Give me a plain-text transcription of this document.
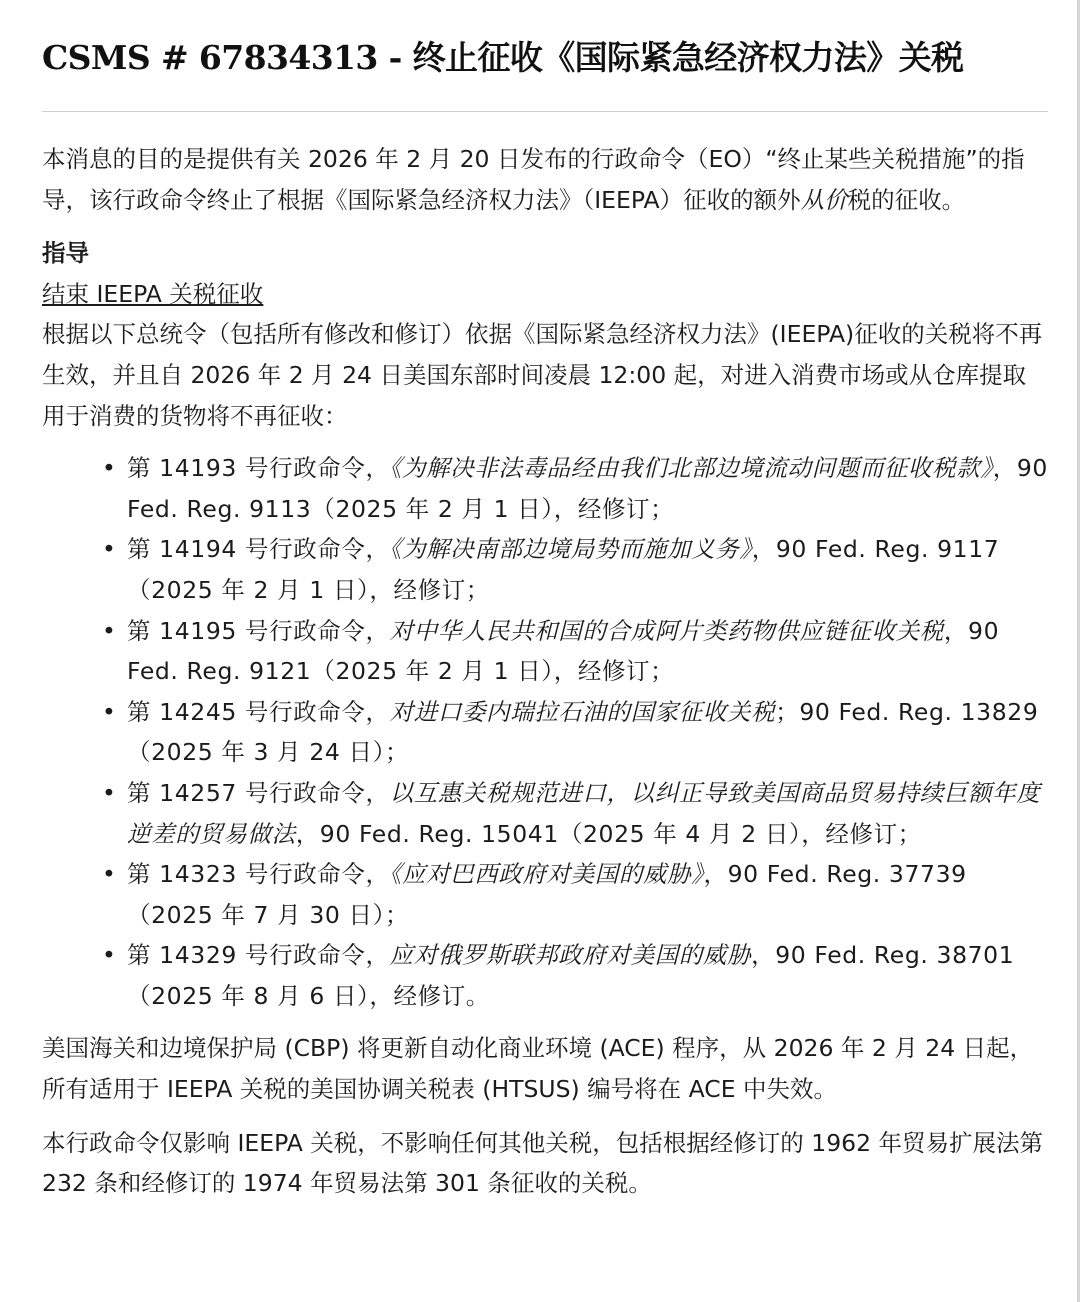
CSMS # 67834313 - 终止征收《国际紧急经济权力法》关税

本消息的目的是提供有关 2026 年 2 月 20 日发布的行政命令（EO）“终止某些关税措施”的指导，该行政命令终止了根据《国际紧急经济权力法》（IEEPA）征收的额外从价税的征收。

指导
结束 IEEPA 关税征收

根据以下总统令（包括所有修改和修订）依据《国际紧急经济权力法》(IEEPA)征收的关税将不再生效，并且自 2026 年 2 月 24 日美国东部时间凌晨 12:00 起，对进入消费市场或从仓库提取用于消费的货物将不再征收：

• 第 14193 号行政命令，《为解决非法毒品经由我们北部边境流动问题而征收税款》，90 Fed. Reg. 9113（2025 年 2 月 1 日），经修订；
• 第 14194 号行政命令，《为解决南部边境局势而施加义务》，90 Fed. Reg. 9117（2025 年 2 月 1 日），经修订；
• 第 14195 号行政命令，对中华人民共和国的合成阿片类药物供应链征收关税，90 Fed. Reg. 9121（2025 年 2 月 1 日），经修订；
• 第 14245 号行政命令，对进口委内瑞拉石油的国家征收关税；90 Fed. Reg. 13829（2025 年 3 月 24 日）；
• 第 14257 号行政命令，以互惠关税规范进口，以纠正导致美国商品贸易持续巨额年度逆差的贸易做法，90 Fed. Reg. 15041（2025 年 4 月 2 日），经修订；
• 第 14323 号行政命令，《应对巴西政府对美国的威胁》，90 Fed. Reg. 37739（2025 年 7 月 30 日）；
• 第 14329 号行政命令，应对俄罗斯联邦政府对美国的威胁，90 Fed. Reg. 38701（2025 年 8 月 6 日），经修订。

美国海关和边境保护局 (CBP) 将更新自动化商业环境 (ACE) 程序，从 2026 年 2 月 24 日起，所有适用于 IEEPA 关税的美国协调关税表 (HTSUS) 编号将在 ACE 中失效。

本行政命令仅影响 IEEPA 关税，不影响任何其他关税，包括根据经修订的 1962 年贸易扩展法第 232 条和经修订的 1974 年贸易法第 301 条征收的关税。
